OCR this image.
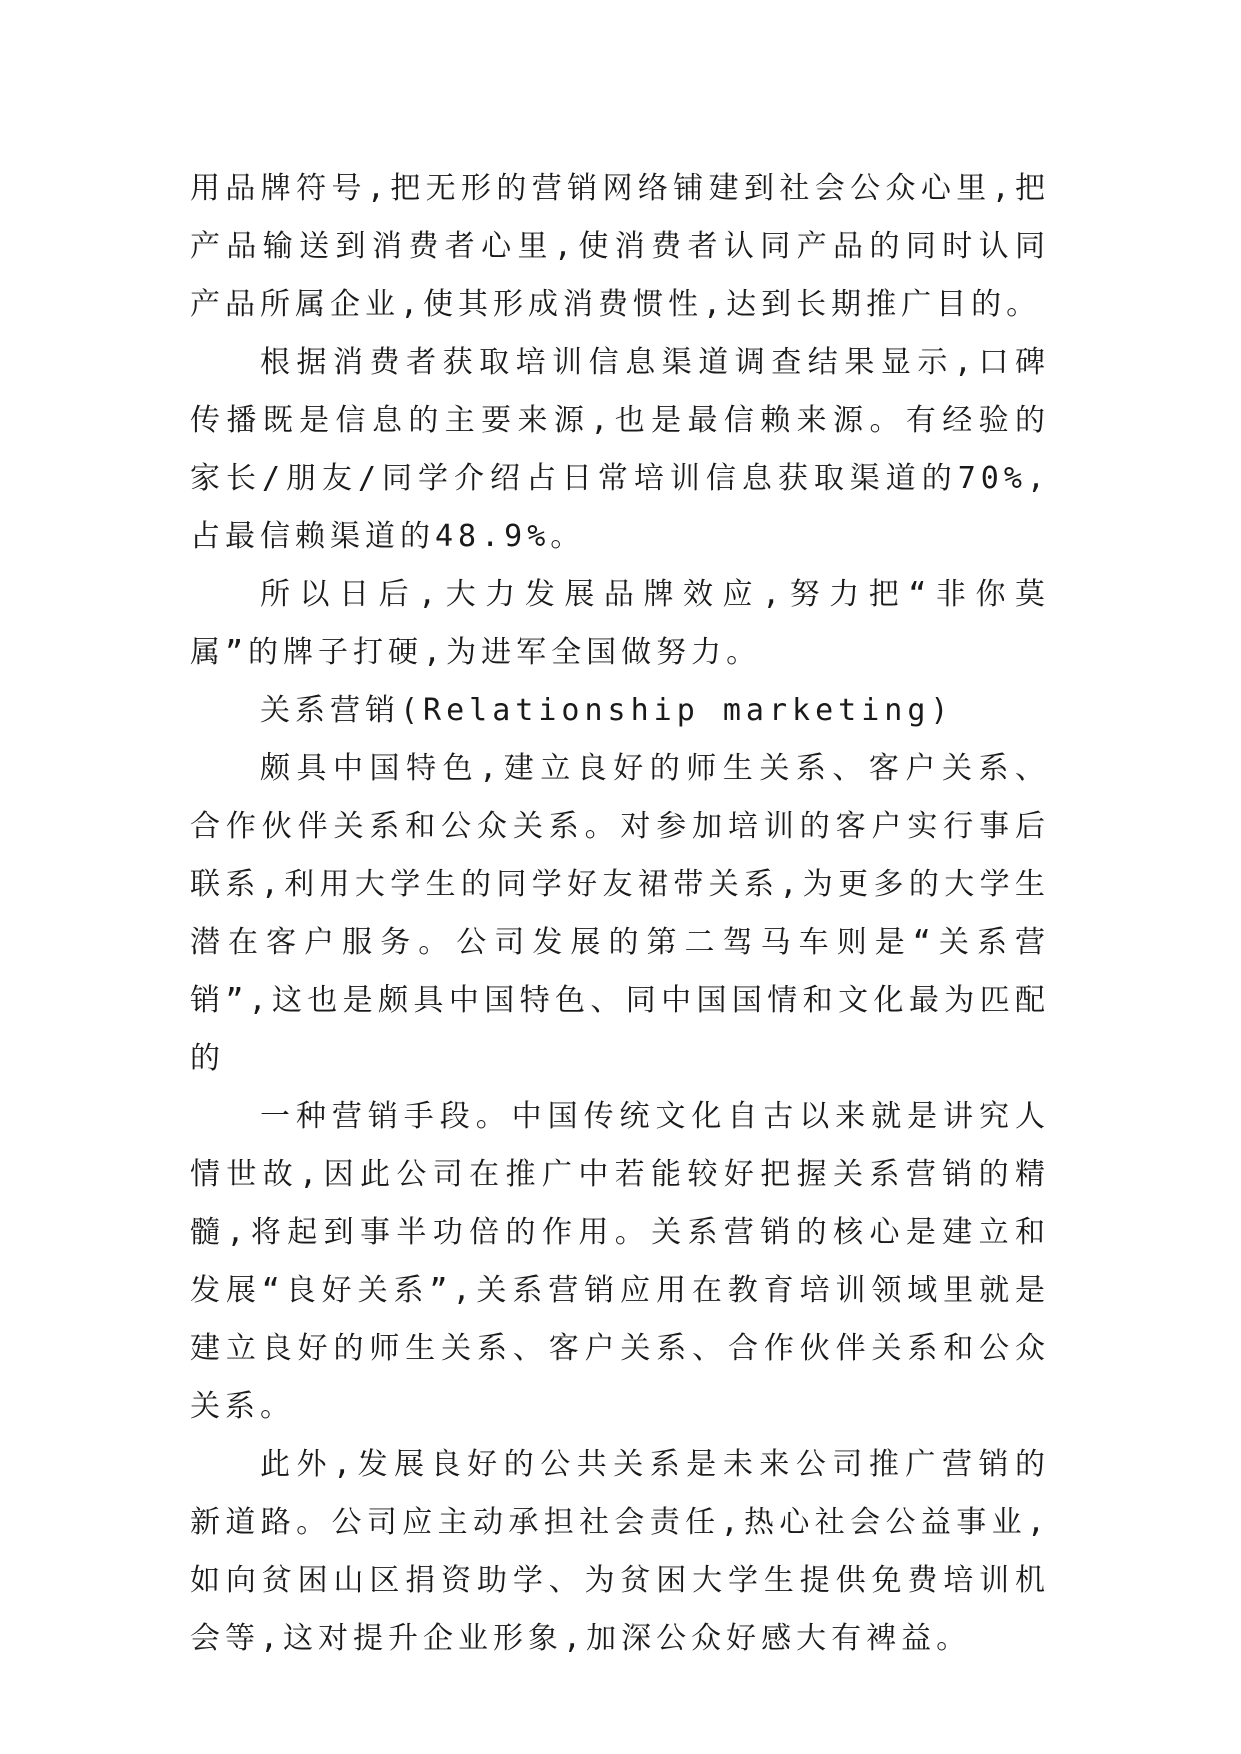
用品牌符号,把无形的营销网络铺建到社会公众心里,把产品输送到消费者心里,使消费者认同产品的同时认同产品所属企业,使其形成消费惯性,达到长期推广目的。

根据消费者获取培训信息渠道调查结果显示,口碑传播既是信息的主要来源,也是最信赖来源。有经验的家长/朋友/同学介绍占日常培训信息获取渠道的70%,占最信赖渠道的48.9%。

所以日后,大力发展品牌效应,努力把“非你莫属”的牌子打硬,为进军全国做努力。

关系营销(Relationship marketing)

颇具中国特色,建立良好的师生关系、客户关系、合作伙伴关系和公众关系。对参加培训的客户实行事后联系,利用大学生的同学好友裙带关系,为更多的大学生潜在客户服务。公司发展的第二驾马车则是“关系营销”,这也是颇具中国特色、同中国国情和文化最为匹配的

一种营销手段。中国传统文化自古以来就是讲究人情世故,因此公司在推广中若能较好把握关系营销的精髓,将起到事半功倍的作用。关系营销的核心是建立和发展“良好关系”,关系营销应用在教育培训领域里就是建立良好的师生关系、客户关系、合作伙伴关系和公众关系。

此外,发展良好的公共关系是未来公司推广营销的新道路。公司应主动承担社会责任,热心社会公益事业,如向贫困山区捐资助学、为贫困大学生提供免费培训机会等,这对提升企业形象,加深公众好感大有裨益。
